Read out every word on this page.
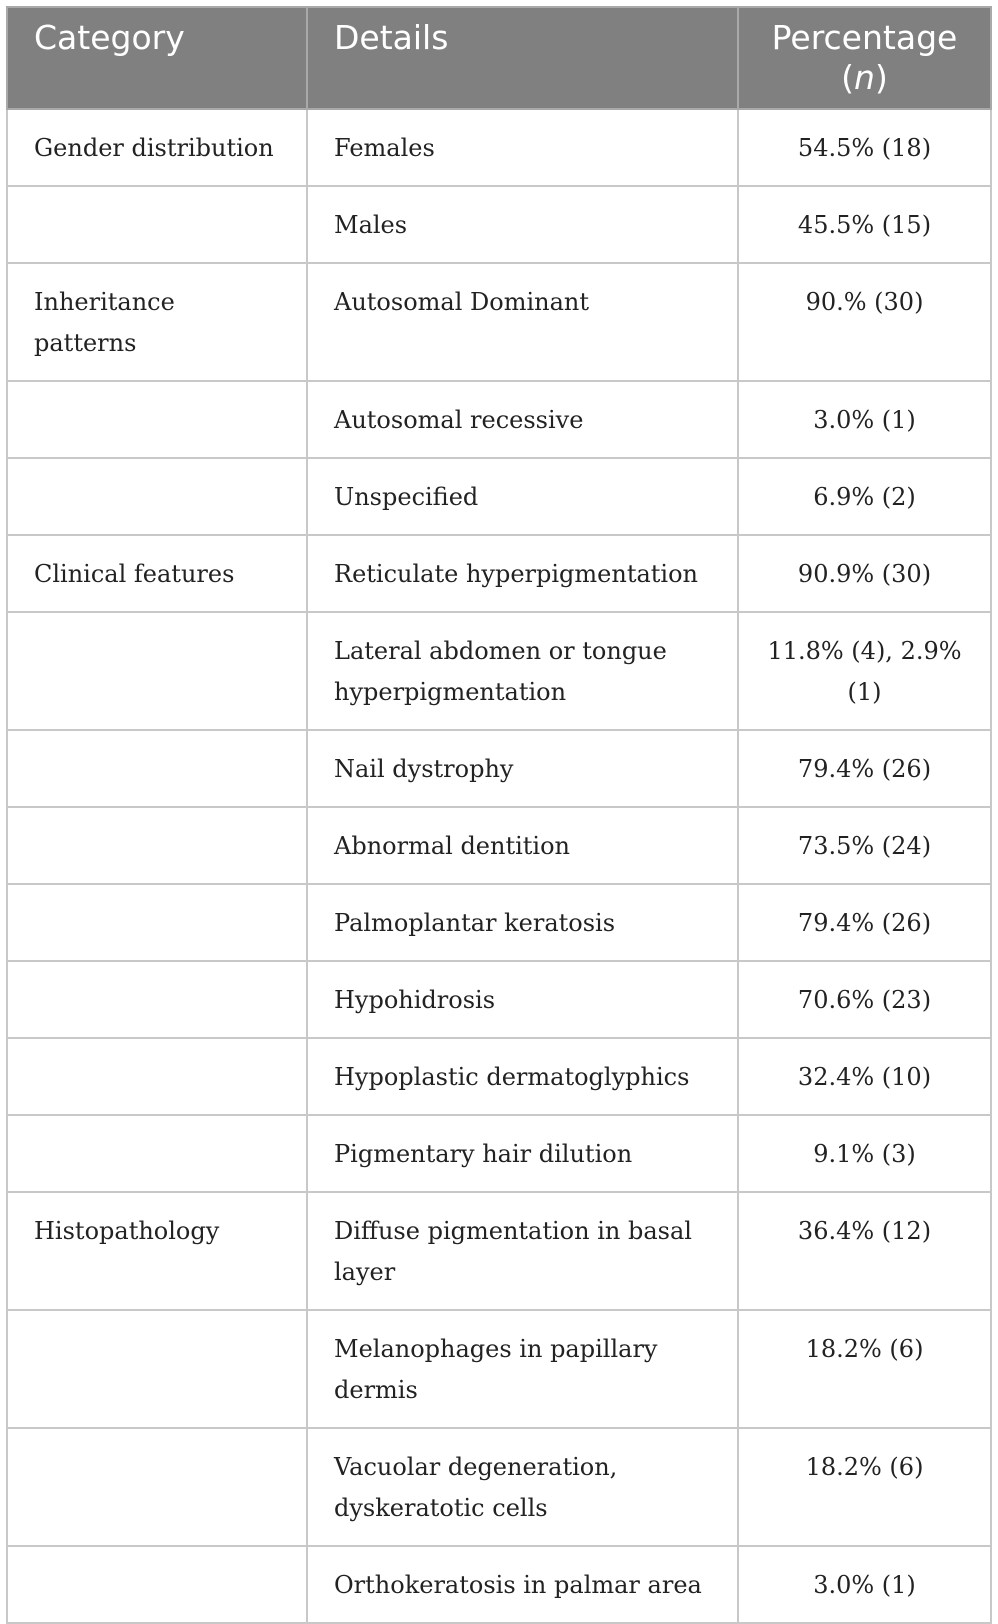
Category	Details	Percentage
(n)
Gender distribution	Females	54.5% (18)
	Males	45.5% (15)
Inheritance patterns	Autosomal Dominant	90.% (30)
	Autosomal recessive	3.0% (1)
	Unspecified	6.9% (2)
Clinical features	Reticulate hyperpigmentation	90.9% (30)
	Lateral abdomen or tongue hyperpigmentation	11.8% (4), 2.9% (1)
	Nail dystrophy	79.4% (26)
	Abnormal dentition	73.5% (24)
	Palmoplantar keratosis	79.4% (26)
	Hypohidrosis	70.6% (23)
	Hypoplastic dermatoglyphics	32.4% (10)
	Pigmentary hair dilution	9.1% (3)
Histopathology	Diffuse pigmentation in basal layer	36.4% (12)
	Melanophages in papillary dermis	18.2% (6)
	Vacuolar degeneration, dyskeratotic cells	18.2% (6)
	Orthokeratosis in palmar area	3.0% (1)
